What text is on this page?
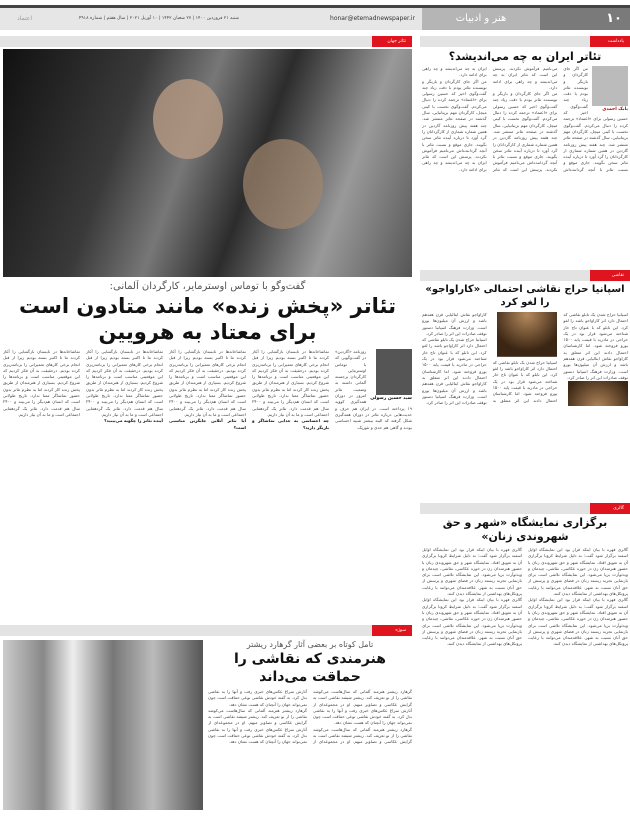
۱۰
هنر و ادبیات
honar@etemadnewspaper.ir
شنبه ۲۱ فروردین ۱۴۰۰ | ۲۷ شعبان ۱۴۴۲ | ۱۰ آوریل ۲۰۲۱ | سال هفتم | شماره ۴۹۱۸
اعتماد
تئاتر جهان
گفت‌وگو با توماس اوسترمایر، کارگردان آلمانی:
تئاتر «پخش زنده» مانند متادون است برای معتاد به هرویین
سید حسین رسولی

روزنامه «گاردین» در گفت‌وگویی که با توماس اوسترمایر، کارگردان برجسته آلمانی داشته به وضعیت تئاتر امروز در دوران همه‌گیری کووید ۱۹ پرداخته است. در ایران هم حرف و حدیث‌هایی درباره تئاتر در دوران همه‌گیری شکل گرفته که البته بیشتر شبیه احساسی بودند و گاهی هم جدی و تئوریک.

تماشاخانه‌ها در تابستان بازگشایی را آغاز کردند ما تا اکتبر بسته بودیم زیرا از قبل انجام برخی کارهای تعمیراتی را برنامه‌ریزی کرده بودیم. درحقیقت به آن فکر کردیم که این موقعیتی مناسب است و برنامه‌ها را شروع کردیم. بسیاری از هنرمندان از طریق پخش زنده کار کردند اما به نظرم تئاتر بدون حضور تماشاگر معنا ندارد. تاریخ طولانی است که انسان هم‌دیگر را می‌بیند و ۲۴۰۰ سال هم قدمت دارد. تئاتر یک گردهمایی اجتماعی است و ما به آن نیاز داریم.

چه‌ احساسی به جدایی تماشاگر و بازیگر دارید؟

تماشاخانه‌ها در تابستان بازگشایی را آغاز کردند ما تا اکتبر بسته بودیم زیرا از قبل انجام برخی کارهای تعمیراتی را برنامه‌ریزی کرده بودیم. درحقیقت به آن فکر کردیم که این موقعیتی مناسب است و برنامه‌ها را شروع کردیم. بسیاری از هنرمندان از طریق پخش زنده کار کردند اما به نظرم تئاتر بدون حضور تماشاگر معنا ندارد. تاریخ طولانی است که انسان هم‌دیگر را می‌بیند و ۲۴۰۰ سال هم قدمت دارد. تئاتر یک گردهمایی اجتماعی است و ما به آن نیاز داریم.

آیا تئاتر آنلاین جایگزین مناسبی است؟

تماشاخانه‌ها در تابستان بازگشایی را آغاز کردند ما تا اکتبر بسته بودیم زیرا از قبل انجام برخی کارهای تعمیراتی را برنامه‌ریزی کرده بودیم. درحقیقت به آن فکر کردیم که این موقعیتی مناسب است و برنامه‌ها را شروع کردیم. بسیاری از هنرمندان از طریق پخش زنده کار کردند اما به نظرم تئاتر بدون حضور تماشاگر معنا ندارد. تاریخ طولانی است که انسان هم‌دیگر را می‌بیند و ۲۴۰۰ سال هم قدمت دارد. تئاتر یک گردهمایی اجتماعی است و ما به آن نیاز داریم.

آینده تئاتر را چگونه می‌بینید؟

تماشاخانه‌ها در تابستان بازگشایی را آغاز کردند ما تا اکتبر بسته بودیم زیرا از قبل انجام برخی کارهای تعمیراتی را برنامه‌ریزی کرده بودیم. درحقیقت به آن فکر کردیم که این موقعیتی مناسب است و برنامه‌ها را شروع کردیم. بسیاری از هنرمندان از طریق پخش زنده کار کردند اما به نظرم تئاتر بدون حضور تماشاگر معنا ندارد. تاریخ طولانی است که انسان هم‌دیگر را می‌بیند و ۲۴۰۰ سال هم قدمت دارد. تئاتر یک گردهمایی اجتماعی است و ما به آن نیاز داریم.

سوژه
تامل کوتاه بر بعضی آثار گرهارد ریشتر
هنرمندی که نقاشی را حماقت می‌داند

گرهارد ریشتر هنرمند آلمانی که سال‌هاست می‌کوشد نقاشی را از نو تعریف کند. ریشتر شیفته نقاشی است به گرایش عکاسی و تصاویر مبهم. او در مجموعه‌ای از آثارش سراغ عکس‌های خبری رفت و آنها را به نقاشی بدل کرد. به گفته خودش نقاشی نوعی حماقت است چون نمی‌تواند جهان را آنچنان که هست نشان دهد.

گرهارد ریشتر هنرمند آلمانی که سال‌هاست می‌کوشد نقاشی را از نو تعریف کند. ریشتر شیفته نقاشی است به گرایش عکاسی و تصاویر مبهم. او در مجموعه‌ای از آثارش سراغ عکس‌های خبری رفت و آنها را به نقاشی بدل کرد. به گفته خودش نقاشی نوعی حماقت است چون نمی‌تواند جهان را آنچنان که هست نشان دهد.

گرهارد ریشتر هنرمند آلمانی که سال‌هاست می‌کوشد نقاشی را از نو تعریف کند. ریشتر شیفته نقاشی است به گرایش عکاسی و تصاویر مبهم. او در مجموعه‌ای از آثارش سراغ عکس‌های خبری رفت و آنها را به نقاشی بدل کرد. به گفته خودش نقاشی نوعی حماقت است چون نمی‌تواند جهان را آنچنان که هست نشان دهد.

یادداشت
تئاتر ایران به چه می‌اندیشد؟
بابک احمدی

من اگر جای کارگردان و بازیگر و نویسنده تئاتر بودم با دقت زیاد چند گفت‌وگوی اخیر که حسین رسولی برای «اعتماد» ترجمه کرده را دنبال می‌کردم. گفت‌وگوی نخست با کیتی میچل، کارگردان مهم بریتانیایی، سال گذشته در صفحه تئاتر منتشر شد. چند هفته پیش روزنامه گاردین در همین شماره شماری از کارگردانان را گرد آورد تا درباره آینده تئاتر سخن بگویند. جاری موقع و نسبت تئاتر با آنچه گرداننده‌اش می‌نامیم فرآموش نکردند. پرسش این است که تئاتر ایران به چه می‌اندیشد و چه راهی برای ادامه دارد.

من اگر جای کارگردان و بازیگر و نویسنده تئاتر بودم با دقت زیاد چند گفت‌وگوی اخیر که حسین رسولی برای «اعتماد» ترجمه کرده را دنبال می‌کردم. گفت‌وگوی نخست با کیتی میچل، کارگردان مهم بریتانیایی، سال گذشته در صفحه تئاتر منتشر شد. چند هفته پیش روزنامه گاردین در همین شماره شماری از کارگردانان را گرد آورد تا درباره آینده تئاتر سخن بگویند. جاری موقع و نسبت تئاتر با آنچه گرداننده‌اش می‌نامیم فرآموش نکردند. پرسش این است که تئاتر ایران به چه می‌اندیشد و چه راهی برای ادامه دارد.

من اگر جای کارگردان و بازیگر و نویسنده تئاتر بودم با دقت زیاد چند گفت‌وگوی اخیر که حسین رسولی برای «اعتماد» ترجمه کرده را دنبال می‌کردم. گفت‌وگوی نخست با کیتی میچل، کارگردان مهم بریتانیایی، سال گذشته در صفحه تئاتر منتشر شد. چند هفته پیش روزنامه گاردین در همین شماره شماری از کارگردانان را گرد آورد تا درباره آینده تئاتر سخن بگویند. جاری موقع و نسبت تئاتر با آنچه گرداننده‌اش می‌نامیم فرآموش نکردند. پرسش این است که تئاتر ایران به چه می‌اندیشد و چه راهی برای ادامه دارد.

نقاشی
اسپانیا حراج نقاشی احتمالی «کاراواجو» را لغو کرد

اسپانیا حراج شدن یک تابلو نقاشی که احتمال دارد اثر کاراواجو باشد را لغو کرد. این تابلو که با عنوان تاج خار شناخته می‌شود قرار بود در یک حراجی در مادرید با قیمت پایه ۱۵۰۰ یورو فروخته شود. اما کارشناسان احتمال دادند این اثر متعلق به کاراواجو نقاش ایتالیایی قرن هفدهم باشد و ارزش آن میلیون‌ها یورو است. وزارت فرهنگ اسپانیا دستور توقف صادرات این اثر را صادر کرد.

اسپانیا حراج شدن یک تابلو نقاشی که احتمال دارد اثر کاراواجو باشد را لغو کرد. این تابلو که با عنوان تاج خار شناخته می‌شود قرار بود در یک حراجی در مادرید با قیمت پایه ۱۵۰۰ یورو فروخته شود. اما کارشناسان احتمال دادند این اثر متعلق به کاراواجو نقاش ایتالیایی قرن هفدهم باشد و ارزش آن میلیون‌ها یورو است. وزارت فرهنگ اسپانیا دستور توقف صادرات این اثر را صادر کرد.

اسپانیا حراج شدن یک تابلو نقاشی که احتمال دارد اثر کاراواجو باشد را لغو کرد. این تابلو که با عنوان تاج خار شناخته می‌شود قرار بود در یک حراجی در مادرید با قیمت پایه ۱۵۰۰ یورو فروخته شود. اما کارشناسان احتمال دادند این اثر متعلق به کاراواجو نقاش ایتالیایی قرن هفدهم باشد و ارزش آن میلیون‌ها یورو است. وزارت فرهنگ اسپانیا دستور توقف صادرات این اثر را صادر کرد.

گالری
برگزاری نمایشگاه «شهر و حق شهروندی زنان»

گالری فهره با بیان اینکه قرار بود این نمایشگاه اوایل اسفند برگزار شود گفت: به دلیل شرایط کرونا برگزاری آن به تعویق افتاد. نمایشگاه شهر و حق شهروندی زنان با حضور هنرمندان زن در حوزه عکاسی، نقاشی، چیدمان و ویدئوآرت برپا می‌شود. این نمایشگاه تلاشی است برای بازنمایی تجربه زیسته زنان در فضای شهری و پرسش از حق آنان نسبت به شهر. علاقه‌مندان می‌توانند با رعایت پروتکل‌های بهداشتی از نمایشگاه دیدن کنند.

گالری فهره با بیان اینکه قرار بود این نمایشگاه اوایل اسفند برگزار شود گفت: به دلیل شرایط کرونا برگزاری آن به تعویق افتاد. نمایشگاه شهر و حق شهروندی زنان با حضور هنرمندان زن در حوزه عکاسی، نقاشی، چیدمان و ویدئوآرت برپا می‌شود. این نمایشگاه تلاشی است برای بازنمایی تجربه زیسته زنان در فضای شهری و پرسش از حق آنان نسبت به شهر. علاقه‌مندان می‌توانند با رعایت پروتکل‌های بهداشتی از نمایشگاه دیدن کنند.

گالری فهره با بیان اینکه قرار بود این نمایشگاه اوایل اسفند برگزار شود گفت: به دلیل شرایط کرونا برگزاری آن به تعویق افتاد. نمایشگاه شهر و حق شهروندی زنان با حضور هنرمندان زن در حوزه عکاسی، نقاشی، چیدمان و ویدئوآرت برپا می‌شود. این نمایشگاه تلاشی است برای بازنمایی تجربه زیسته زنان در فضای شهری و پرسش از حق آنان نسبت به شهر. علاقه‌مندان می‌توانند با رعایت پروتکل‌های بهداشتی از نمایشگاه دیدن کنند.

گالری فهره با بیان اینکه قرار بود این نمایشگاه اوایل اسفند برگزار شود گفت: به دلیل شرایط کرونا برگزاری آن به تعویق افتاد. نمایشگاه شهر و حق شهروندی زنان با حضور هنرمندان زن در حوزه عکاسی، نقاشی، چیدمان و ویدئوآرت برپا می‌شود. این نمایشگاه تلاشی است برای بازنمایی تجربه زیسته زنان در فضای شهری و پرسش از حق آنان نسبت به شهر. علاقه‌مندان می‌توانند با رعایت پروتکل‌های بهداشتی از نمایشگاه دیدن کنند.
